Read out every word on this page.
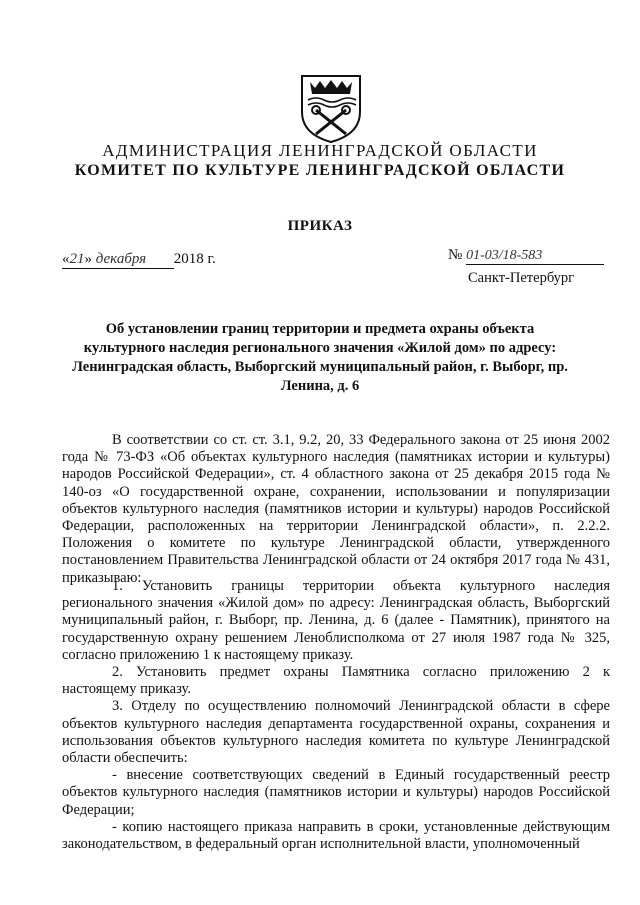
АДМИНИСТРАЦИЯ ЛЕНИНГРАДСКОЙ ОБЛАСТИ
КОМИТЕТ ПО КУЛЬТУРЕ ЛЕНИНГРАДСКОЙ ОБЛАСТИ
ПРИКАЗ
«21» декабря 2018 г.	№ 01-03/18-583
Санкт-Петербург
Об установлении границ территории и предмета охраны объекта культурного наследия регионального значения «Жилой дом» по адресу: Ленинградская область, Выборгский муниципальный район, г. Выборг, пр. Ленина, д. 6

В соответствии со ст. ст. 3.1, 9.2, 20, 33 Федерального закона от 25 июня 2002 года № 73-ФЗ «Об объектах культурного наследия (памятниках истории и культуры) народов Российской Федерации», ст. 4 областного закона от 25 декабря 2015 года № 140-оз «О государственной охране, сохранении, использовании и популяризации объектов культурного наследия (памятников истории и культуры) народов Российской Федерации, расположенных на территории Ленинградской области», п. 2.2.2. Положения о комитете по культуре Ленинградской области, утвержденного постановлением Правительства Ленинградской области от 24 октября 2017 года № 431, приказываю:

1. Установить границы территории объекта культурного наследия регионального значения «Жилой дом» по адресу: Ленинградская область, Выборгский муниципальный район, г. Выборг, пр. Ленина, д. 6 (далее - Памятник), принятого на государственную охрану решением Леноблисполкома от 27 июля 1987 года № 325, согласно приложению 1 к настоящему приказу.

2. Установить предмет охраны Памятника согласно приложению 2 к настоящему приказу.

3. Отделу по осуществлению полномочий Ленинградской области в сфере объектов культурного наследия департамента государственной охраны, сохранения и использования объектов культурного наследия комитета по культуре Ленинградской области обеспечить:

- внесение соответствующих сведений в Единый государственный реестр объектов культурного наследия (памятников истории и культуры) народов Российской Федерации;

- копию настоящего приказа направить в сроки, установленные действующим законодательством, в федеральный орган исполнительной власти, уполномоченный
